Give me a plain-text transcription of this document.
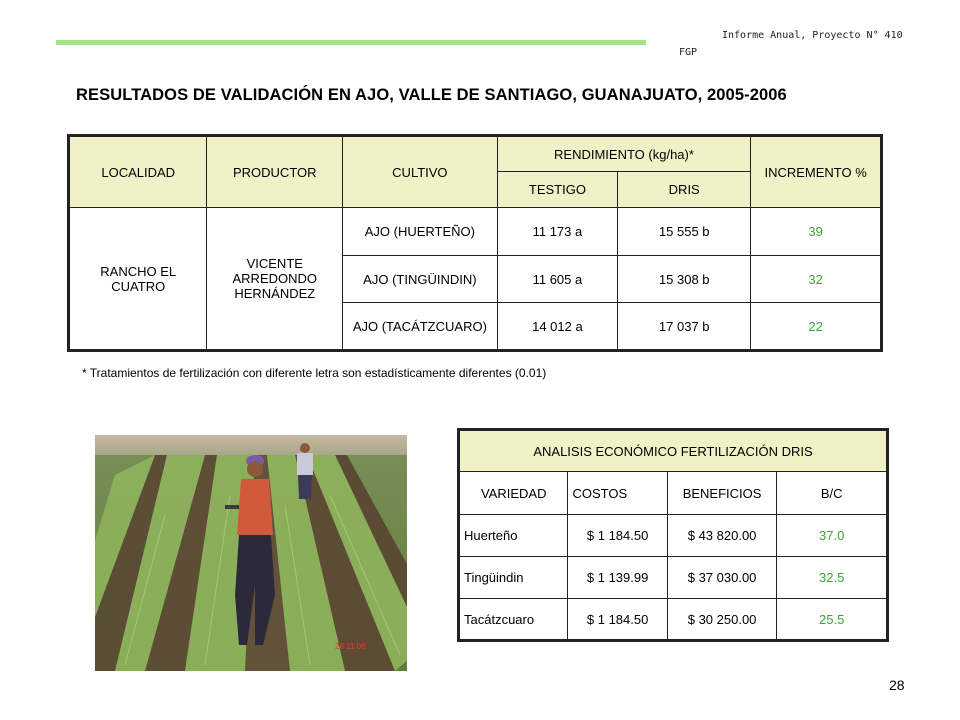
Informe Anual, Proyecto N° 410
FGP
RESULTADOS DE VALIDACIÓN EN AJO, VALLE DE SANTIAGO, GUANAJUATO, 2005-2006
LOCALIDAD	PRODUCTOR	CULTIVO	RENDIMIENTO (kg/ha)*		INCREMENTO %
			TESTIGO	DRIS	
RANCHO EL CUATRO	VICENTE ARREDONDO HERNÁNDEZ	AJO (HUERTEÑO)	11 173 a	15 555 b	39
		AJO (TINGÜINDIN)	11 605 a	15 308 b	32
		AJO (TACÁTZCUARO)	14 012 a	17 037 b	22
* Tratamientos de fertilización con diferente letra son estadísticamente diferentes (0.01)
28 11 06
ANALISIS ECONÓMICO FERTILIZACIÓN DRIS			
VARIEDAD	COSTOS	BENEFICIOS	B/C
Huerteño	$ 1 184.50	$ 43 820.00	37.0
Tingüindin	$ 1 139.99	$ 37 030.00	32.5
Tacátzcuaro	$ 1 184.50	$ 30 250.00	25.5
28
